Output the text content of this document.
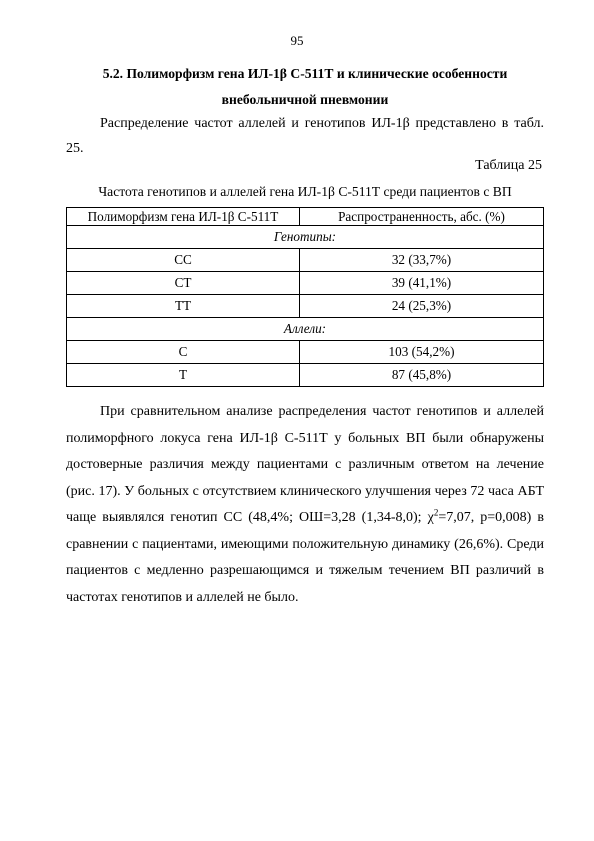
95
5.2. Полиморфизм гена ИЛ-1β С-511Т и клинические особенности
внебольничной пневмонии

Распределение частот аллелей и генотипов ИЛ-1β представлено в табл. 25.

Таблица 25
Частота генотипов и аллелей гена ИЛ-1β С-511Т среди пациентов с ВП
Полиморфизм гена ИЛ-1β С-511Т	Распространенность, абс. (%)
Генотипы:	
СС	32 (33,7%)
СТ	39 (41,1%)
ТТ	24 (25,3%)
Аллели:	
С	103 (54,2%)
Т	87 (45,8%)

При сравнительном анализе распределения частот генотипов и аллелей полиморфного локуса гена ИЛ-1β С-511Т у больных ВП были обнаружены достоверные различия между пациентами с различным ответом на лечение (рис. 17). У больных с отсутствием клинического улучшения через 72 часа АБТ чаще выявлялся генотип СС (48,4%; ОШ=3,28 (1,34-8,0); $\chi^2=7,07$, р=0,008) в сравнении с пациентами, имеющими положительную динамику (26,6%). Среди пациентов с медленно разрешающимся и тяжелым течением ВП различий в частотах генотипов и аллелей не было.
